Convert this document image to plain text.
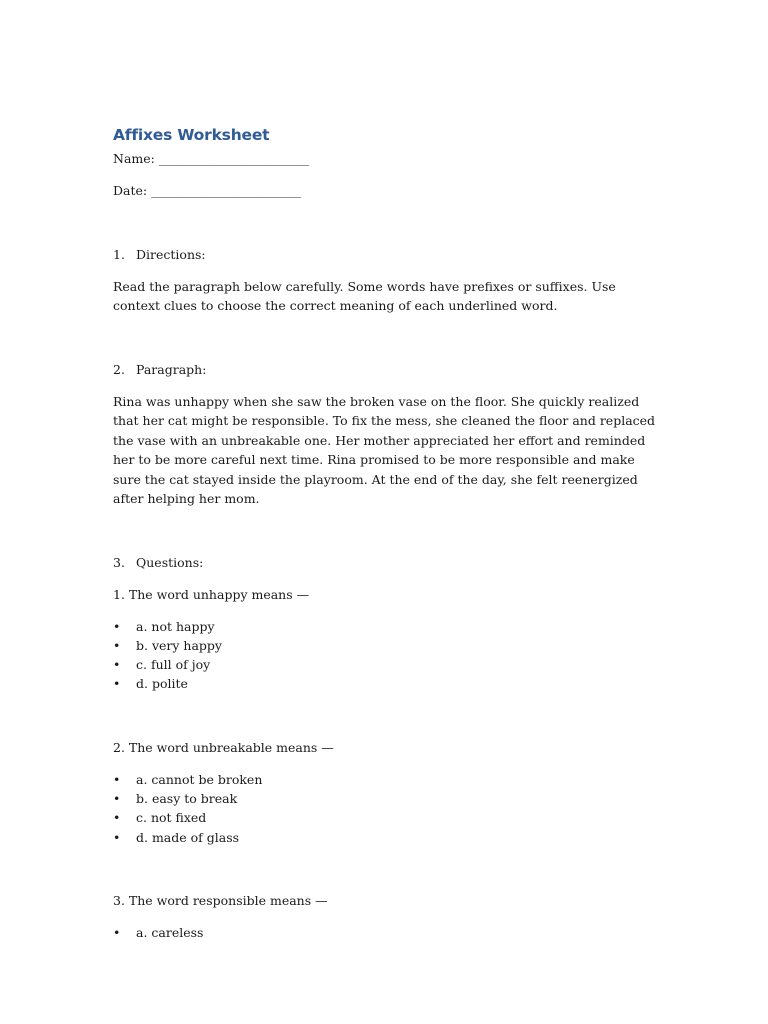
Affixes Worksheet

Name: ________________________

Date: ________________________

1. Directions:

Read the paragraph below carefully. Some words have prefixes or suffixes. Use context clues to choose the correct meaning of each underlined word.

2. Paragraph:

Rina was unhappy when she saw the broken vase on the floor. She quickly realized that her cat might be responsible. To fix the mess, she cleaned the floor and replaced the vase with an unbreakable one. Her mother appreciated her effort and reminded her to be more careful next time. Rina promised to be more responsible and make sure the cat stayed inside the playroom. At the end of the day, she felt reenergized after helping her mom.

3. Questions:

1. The word unhappy means —

• a. not happy
• b. very happy
• c. full of joy
• d. polite

2. The word unbreakable means —

• a. cannot be broken
• b. easy to break
• c. not fixed
• d. made of glass

3. The word responsible means —

• a. careless
